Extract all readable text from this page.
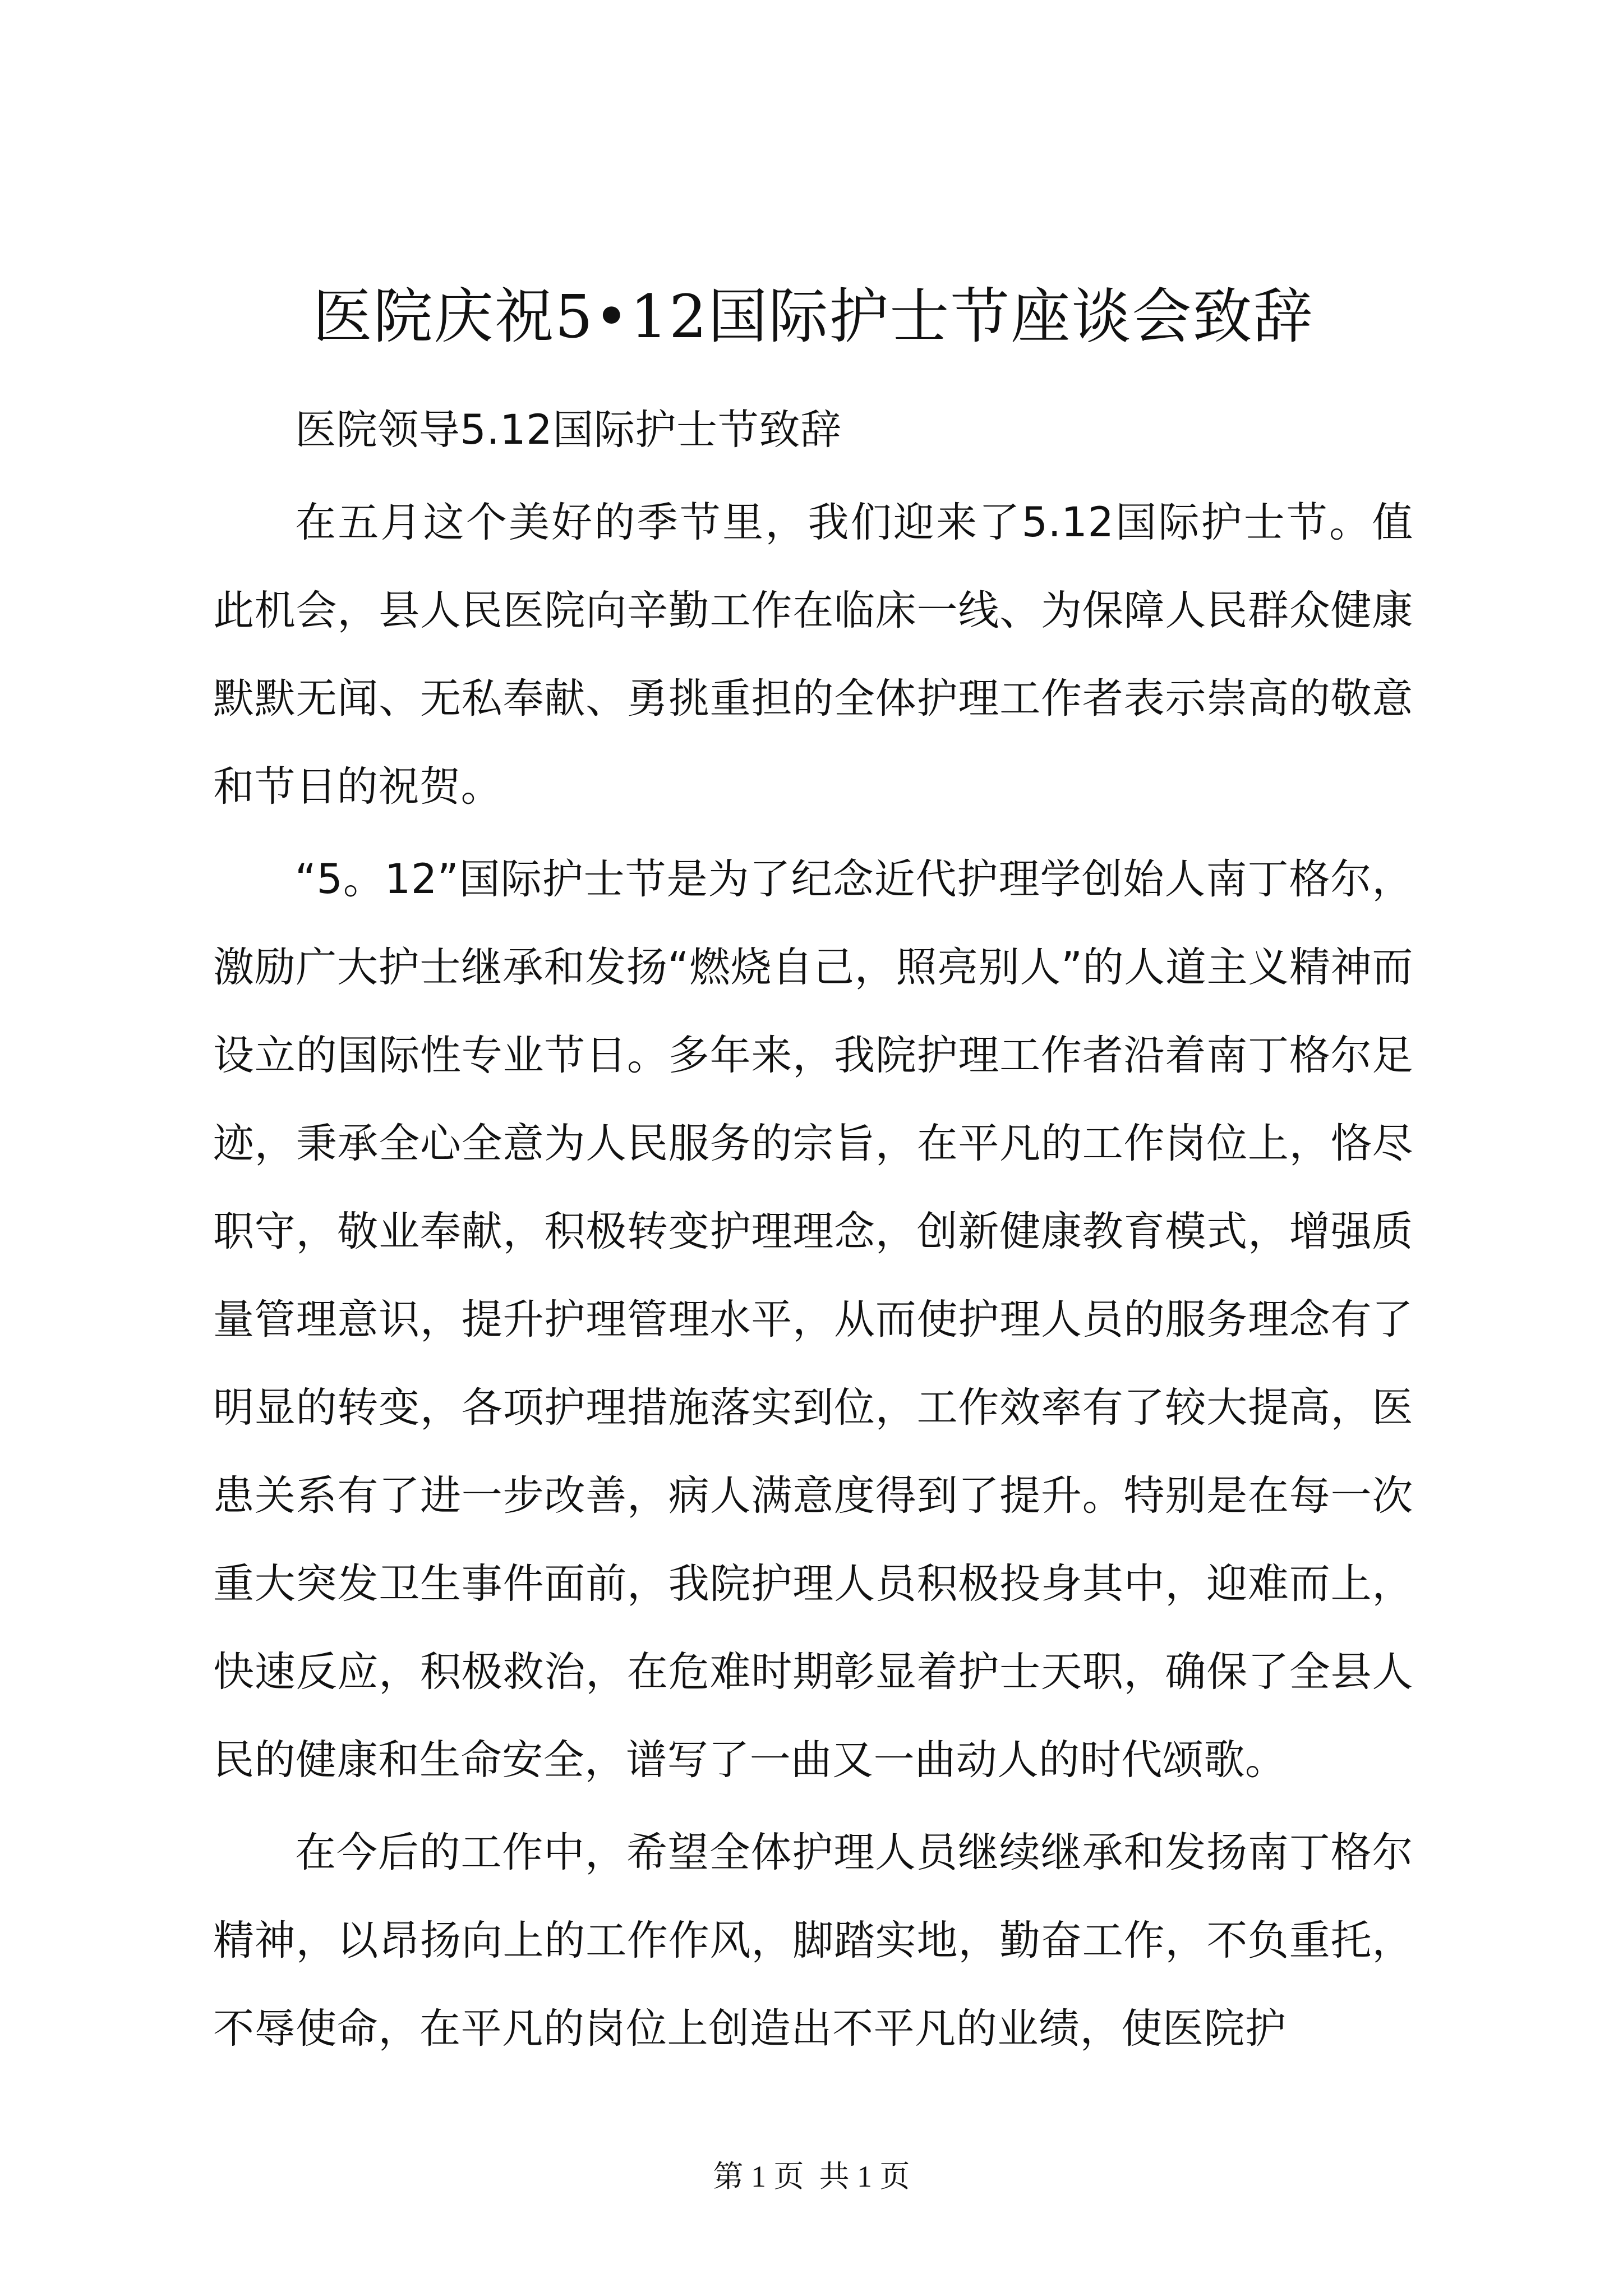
医院庆祝5•12国际护士节座谈会致辞

医院领导5.12国际护士节致辞

在五月这个美好的季节里，我们迎来了5.12国际护士节。值此机会，县人民医院向辛勤工作在临床一线、为保障人民群众健康默默无闻、无私奉献、勇挑重担的全体护理工作者表示崇高的敬意和节日的祝贺。

“5。12”国际护士节是为了纪念近代护理学创始人南丁格尔，激励广大护士继承和发扬“燃烧自己，照亮别人”的人道主义精神而设立的国际性专业节日。多年来，我院护理工作者沿着南丁格尔足迹，秉承全心全意为人民服务的宗旨，在平凡的工作岗位上，恪尽职守，敬业奉献，积极转变护理理念，创新健康教育模式，增强质量管理意识，提升护理管理水平，从而使护理人员的服务理念有了明显的转变，各项护理措施落实到位，工作效率有了较大提高，医患关系有了进一步改善，病人满意度得到了提升。特别是在每一次重大突发卫生事件面前，我院护理人员积极投身其中，迎难而上，快速反应，积极救治，在危难时期彰显着护士天职，确保了全县人民的健康和生命安全，谱写了一曲又一曲动人的时代颂歌。

在今后的工作中，希望全体护理人员继续继承和发扬南丁格尔精神，以昂扬向上的工作作风，脚踏实地，勤奋工作，不负重托，不辱使命，在平凡的岗位上创造出不平凡的业绩，使医院护

第 1 页  共 1 页
